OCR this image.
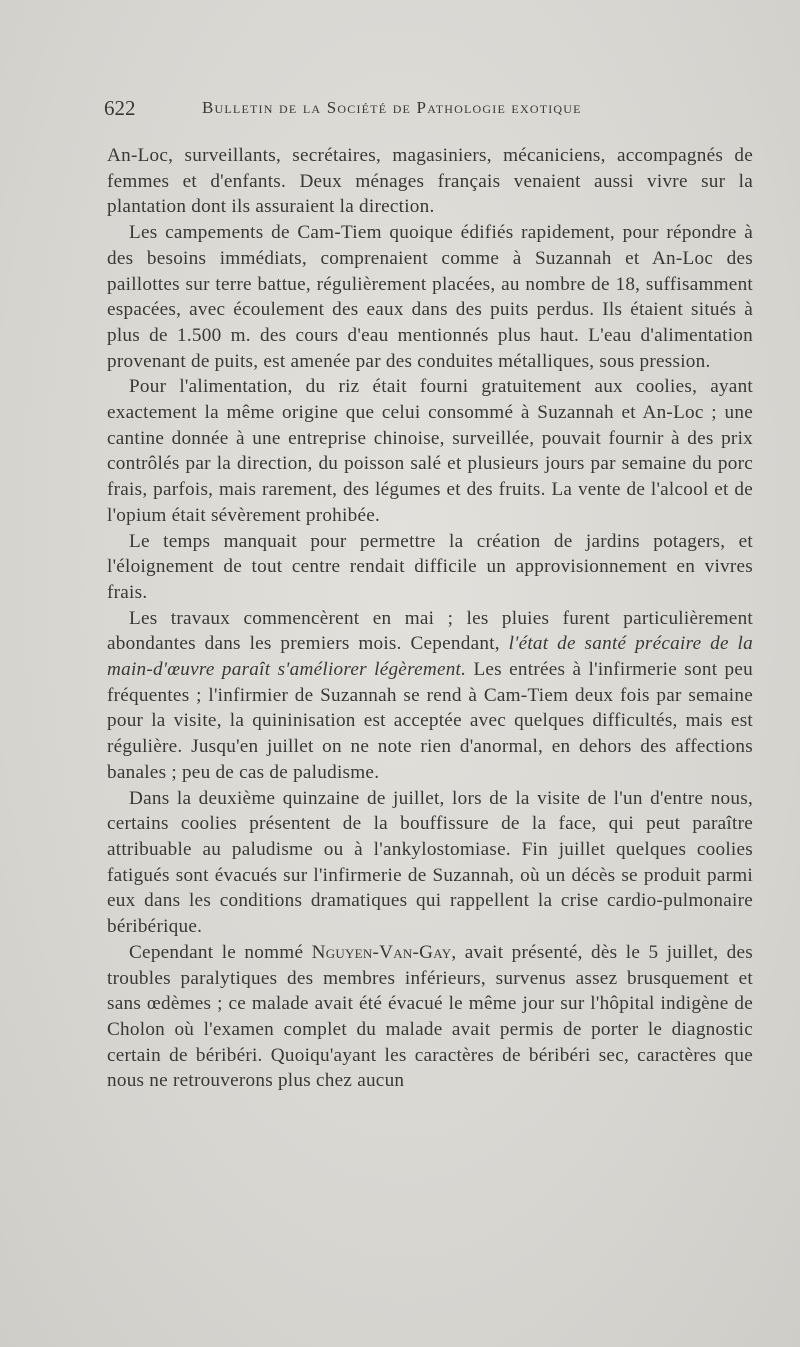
622	Bulletin de la Société de Pathologie exotique

An-Loc, surveillants, secrétaires, magasiniers, mécaniciens, accompagnés de femmes et d'enfants. Deux ménages français venaient aussi vivre sur la plantation dont ils assuraient la direction.

Les campements de Cam-Tiem quoique édifiés rapidement, pour répondre à des besoins immédiats, comprenaient comme à Suzannah et An-Loc des paillottes sur terre battue, régulièrement placées, au nombre de 18, suffisamment espacées, avec écoulement des eaux dans des puits perdus. Ils étaient situés à plus de 1.500 m. des cours d'eau mentionnés plus haut. L'eau d'alimentation provenant de puits, est amenée par des conduites métalliques, sous pression.

Pour l'alimentation, du riz était fourni gratuitement aux coolies, ayant exactement la même origine que celui consommé à Suzannah et An-Loc ; une cantine donnée à une entreprise chinoise, surveillée, pouvait fournir à des prix contrôlés par la direction, du poisson salé et plusieurs jours par semaine du porc frais, parfois, mais rarement, des légumes et des fruits. La vente de l'alcool et de l'opium était sévèrement prohibée.

Le temps manquait pour permettre la création de jardins potagers, et l'éloignement de tout centre rendait difficile un approvisionnement en vivres frais.

Les travaux commencèrent en mai ; les pluies furent particulièrement abondantes dans les premiers mois. Cependant, l'état de santé précaire de la main-d'œuvre paraît s'améliorer légèrement. Les entrées à l'infirmerie sont peu fréquentes ; l'infirmier de Suzannah se rend à Cam-Tiem deux fois par semaine pour la visite, la quininisation est acceptée avec quelques difficultés, mais est régulière. Jusqu'en juillet on ne note rien d'anormal, en dehors des affections banales ; peu de cas de paludisme.

Dans la deuxième quinzaine de juillet, lors de la visite de l'un d'entre nous, certains coolies présentent de la bouffissure de la face, qui peut paraître attribuable au paludisme ou à l'ankylostomiase. Fin juillet quelques coolies fatigués sont évacués sur l'infirmerie de Suzannah, où un décès se produit parmi eux dans les conditions dramatiques qui rappellent la crise cardio-pulmonaire béribérique.

Cependant le nommé Nguyen-Van-Gay, avait présenté, dès le 5 juillet, des troubles paralytiques des membres inférieurs, survenus assez brusquement et sans œdèmes ; ce malade avait été évacué le même jour sur l'hôpital indigène de Cholon où l'examen complet du malade avait permis de porter le diagnostic certain de béribéri. Quoiqu'ayant les caractères de béribéri sec, caractères que nous ne retrouverons plus chez aucun
